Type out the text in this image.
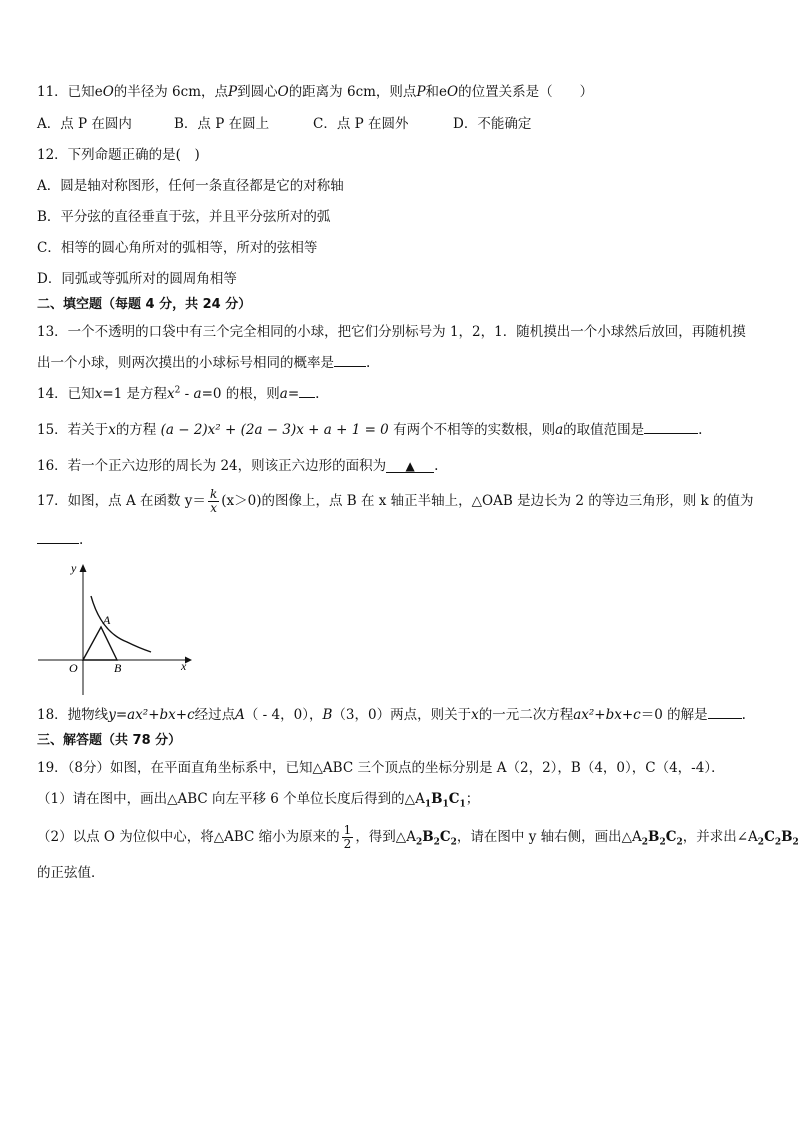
11．已知eO的半径为 6cm，点P到圆心O的距离为 6cm，则点P和eO的位置关系是（　　）
A．点 P 在圆内	B．点 P 在圆上	C．点 P 在圆外	D．不能确定
12．下列命题正确的是(　)
A．圆是轴对称图形，任何一条直径都是它的对称轴
B．平分弦的直径垂直于弦，并且平分弦所对的弧
C．相等的圆心角所对的弧相等，所对的弦相等
D．同弧或等弧所对的圆周角相等
二、填空题（每题 4 分，共 24 分）
13．一个不透明的口袋中有三个完全相同的小球，把它们分别标号为 1，2，1．随机摸出一个小球然后放回，再随机摸
出一个小球，则两次摸出的小球标号相同的概率是 .
14．已知x=1 是方程$x^2 - a=0$ 的根，则a= .
15．若关于x的方程 (a − 2)x² + (2a − 3)x + a + 1 = 0 有两个不相等的实数根，则a的取值范围是	.
16．若一个正六边形的周长为 24，则该正六边形的面积为 ▲ .
17．如图，点 A 在函数 $y= \frac{k}{x} (x>0)$的图像上，点 B 在 x 轴正半轴上，△OAB 是边长为 2 的等边三角形，则 k 的值为
.
y
x
O
A
B
18．抛物线y=ax²+bx+c经过点A（ - 4，0），B（3，0）两点，则关于x的一元二次方程ax²+bx+c＝0 的解是	.
三、解答题（共 78 分）
19．（8分）如图，在平面直角坐标系中，已知△ABC 三个顶点的坐标分别是 A（2，2），B（4，0），C（4，-4）．
（1）请在图中，画出△ABC 向左平移 6 个单位长度后得到的$\triangle A_1B_1C_1$；
（2）以点 O 为位似中心，将△ABC 缩小为原来的 $\frac{1}{2}$ ，得到$\triangle A_2B_2C_2$，请在图中 y 轴右侧，画出$\triangle A_2B_2C_2$，并求出$\angle A_2C_2B_2$
的正弦值．
